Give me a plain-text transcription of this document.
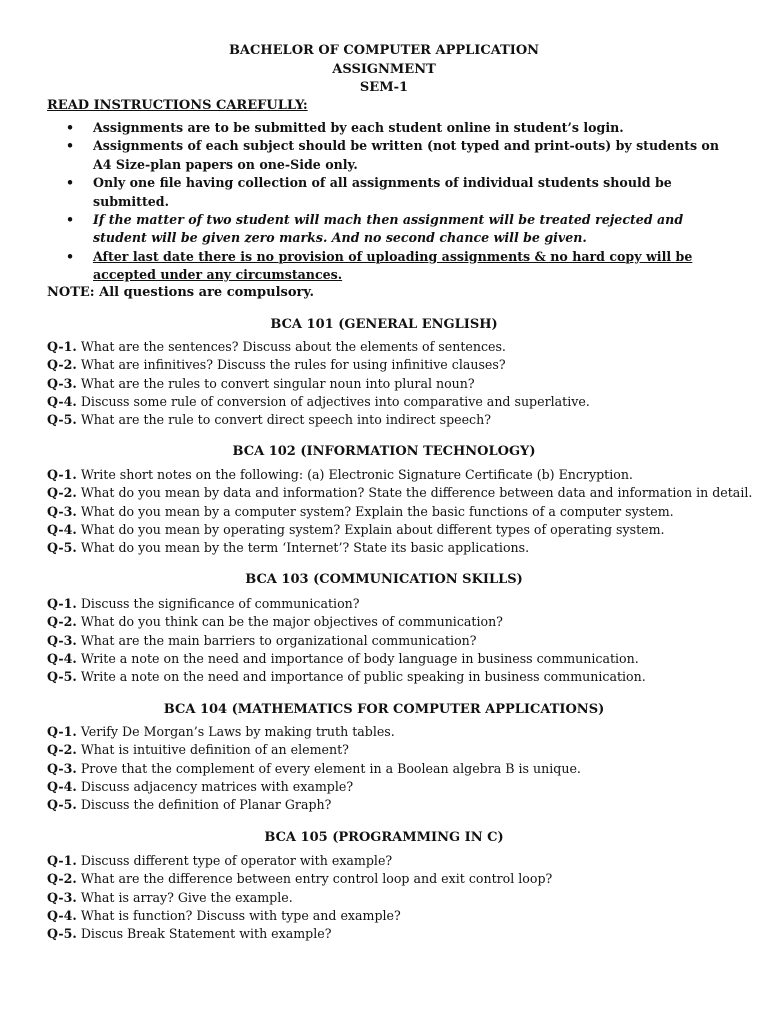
BACHELOR OF COMPUTER APPLICATION
ASSIGNMENT
SEM-1
READ INSTRUCTIONS CAREFULLY:
• Assignments are to be submitted by each student online in student’s login.
• Assignments of each subject should be written (not typed and print-outs) by students on A4 Size-plan papers on one-Side only.
• Only one file having collection of all assignments of individual students should be submitted.
• If the matter of two student will mach then assignment will be treated rejected and student will be given zero marks. And no second chance will be given.
• After last date there is no provision of uploading assignments & no hard copy will be accepted under any circumstances.
NOTE: All questions are compulsory.
BCA 101 (GENERAL ENGLISH)
Q-1. What are the sentences? Discuss about the elements of sentences.
Q-2. What are infinitives? Discuss the rules for using infinitive clauses?
Q-3. What are the rules to convert singular noun into plural noun?
Q-4. Discuss some rule of conversion of adjectives into comparative and superlative.
Q-5. What are the rule to convert direct speech into indirect speech?
BCA 102 (INFORMATION TECHNOLOGY)
Q-1. Write short notes on the following: (a) Electronic Signature Certificate (b) Encryption.
Q-2. What do you mean by data and information? State the difference between data and information in detail.
Q-3. What do you mean by a computer system? Explain the basic functions of a computer system.
Q-4. What do you mean by operating system? Explain about different types of operating system.
Q-5. What do you mean by the term ‘Internet’? State its basic applications.
BCA 103 (COMMUNICATION SKILLS)
Q-1. Discuss the significance of communication?
Q-2. What do you think can be the major objectives of communication?
Q-3. What are the main barriers to organizational communication?
Q-4. Write a note on the need and importance of body language in business communication.
Q-5. Write a note on the need and importance of public speaking in business communication.
BCA 104 (MATHEMATICS FOR COMPUTER APPLICATIONS)
Q-1. Verify De Morgan’s Laws by making truth tables.
Q-2. What is intuitive definition of an element?
Q-3. Prove that the complement of every element in a Boolean algebra B is unique.
Q-4. Discuss adjacency matrices with example?
Q-5. Discuss the definition of Planar Graph?
BCA 105 (PROGRAMMING IN C)
Q-1. Discuss different type of operator with example?
Q-2. What are the difference between entry control loop and exit control loop?
Q-3. What is array? Give the example.
Q-4. What is function? Discuss with type and example?
Q-5. Discus Break Statement with example?
